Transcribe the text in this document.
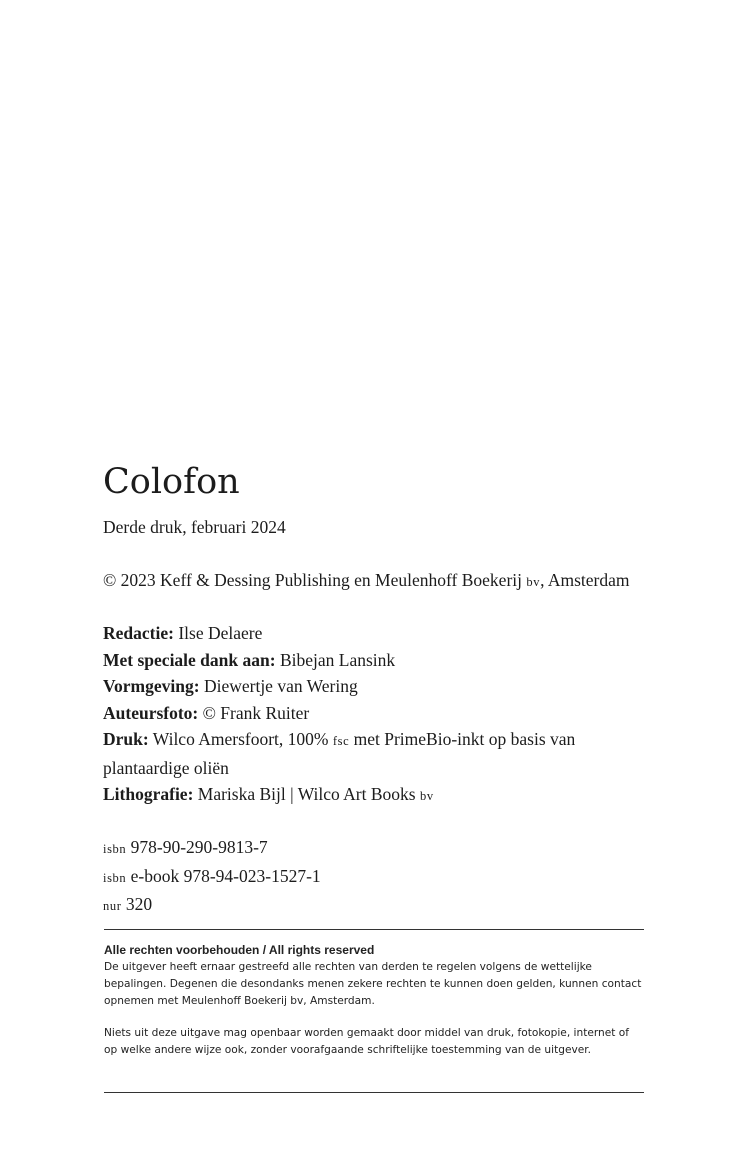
Colofon

Derde druk, februari 2024

© 2023 Keff & Dessing Publishing en Meulenhoff Boekerij bv, Amsterdam

Redactie: Ilse Delaere
Met speciale dank aan: Bibejan Lansink
Vormgeving: Diewertje van Wering
Auteursfoto: © Frank Ruiter
Druk: Wilco Amersfoort, 100% fsc met PrimeBio-inkt op basis van plantaardige oliën
Lithografie: Mariska Bijl | Wilco Art Books bv
isbn 978-90-290-9813-7
isbn e-book 978-94-023-1527-1
nur 320

Alle rechten voorbehouden / All rights reserved

De uitgever heeft ernaar gestreefd alle rechten van derden te regelen volgens de wettelijke bepalingen. Degenen die desondanks menen zekere rechten te kunnen doen gelden, kunnen contact opnemen met Meulenhoff Boekerij bv, Amsterdam.

Niets uit deze uitgave mag openbaar worden gemaakt door middel van druk, fotokopie, internet of op welke andere wijze ook, zonder voorafgaande schriftelijke toestemming van de uitgever.
